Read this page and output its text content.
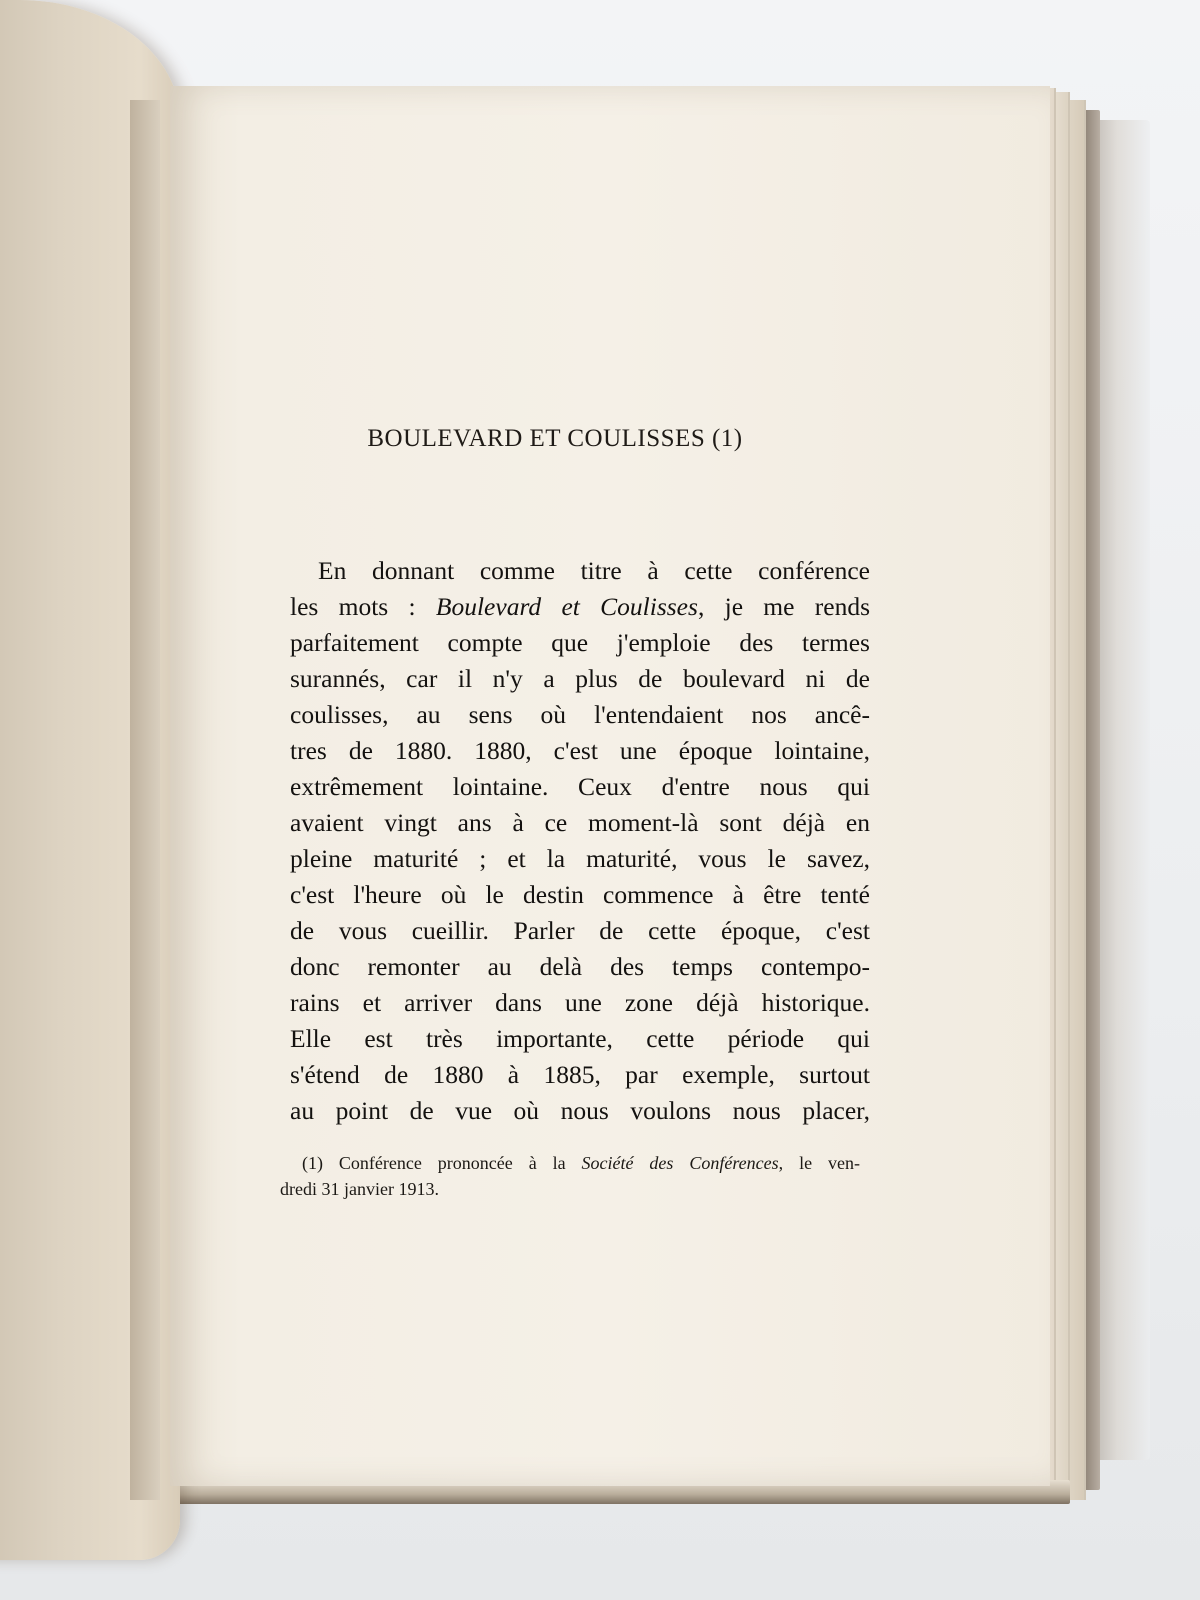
BOULEVARD ET COULISSES (1)
En donnant comme titre à cette conférence
les mots : Boulevard et Coulisses, je me rends
parfaitement compte que j'emploie des termes
surannés, car il n'y a plus de boulevard ni de
coulisses, au sens où l'entendaient nos ancê-
tres de 1880. 1880, c'est une époque lointaine,
extrêmement lointaine. Ceux d'entre nous qui
avaient vingt ans à ce moment-là sont déjà en
pleine maturité ; et la maturité, vous le savez,
c'est l'heure où le destin commence à être tenté
de vous cueillir. Parler de cette époque, c'est
donc remonter au delà des temps contempo-
rains et arriver dans une zone déjà historique.
Elle est très importante, cette période qui
s'étend de 1880 à 1885, par exemple, surtout
au point de vue où nous voulons nous placer,
(1) Conférence prononcée à la Société des Conférences, le ven-
dredi 31 janvier 1913.
